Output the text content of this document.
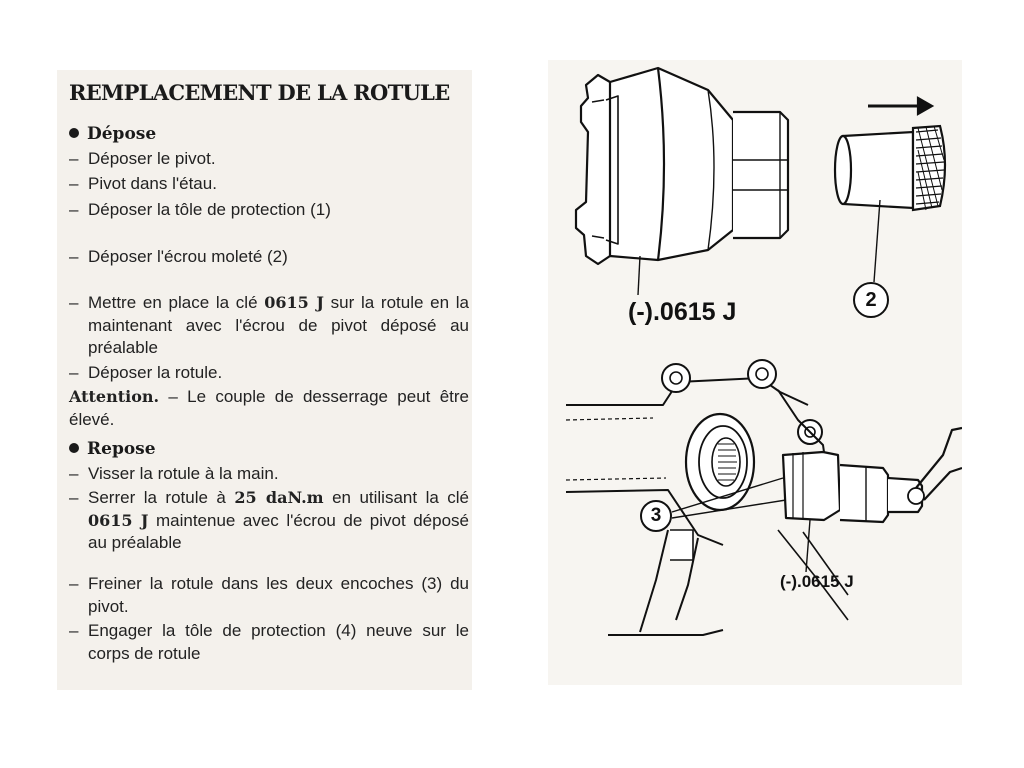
REMPLACEMENT DE LA ROTULE
Dépose
– Déposer le pivot.
– Pivot dans l'étau.
– Déposer la tôle de protection (1)
– Déposer l'écrou moleté (2)
– Mettre en place la clé 0615 J sur la rotule en la maintenant avec l'écrou de pivot déposé au préalable
– Déposer la rotule.
Attention. – Le couple de desserrage peut être élevé.
Repose
– Visser la rotule à la main.
– Serrer la rotule à 25 daN.m en utilisant la clé 0615 J maintenue avec l'écrou de pivot déposé au préalable
– Freiner la rotule dans les deux encoches (3) du pivot.
– Engager la tôle de protection (4) neuve sur le corps de rotule
(-).0615 J	2
3
(-).0615 J
